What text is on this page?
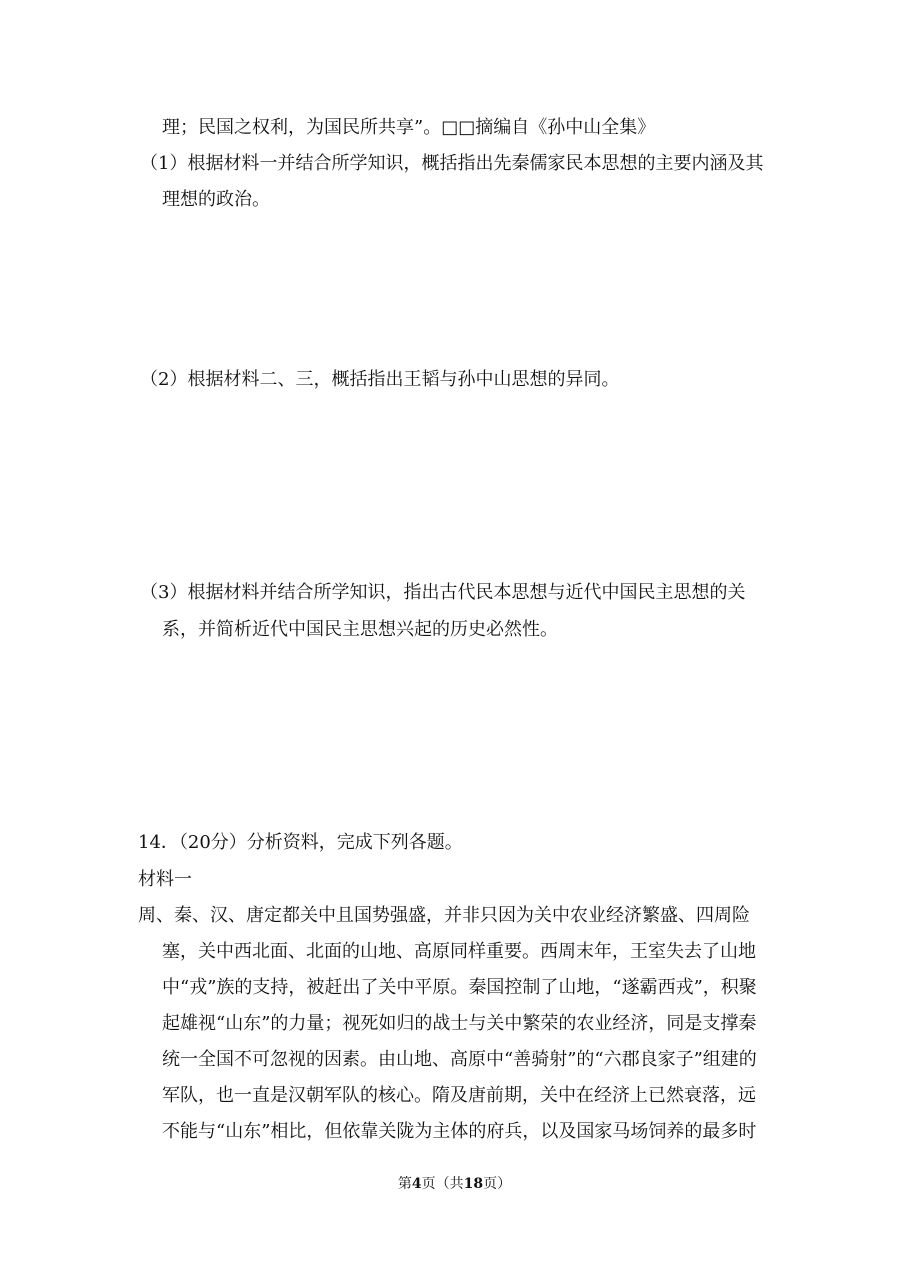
理；民国之权利，为国民所共享”。□□摘编自《孙中山全集》
（1）根据材料一并结合所学知识，概括指出先秦儒家民本思想的主要内涵及其
理想的政治。
（2）根据材料二、三，概括指出王韬与孙中山思想的异同。
（3）根据材料并结合所学知识，指出古代民本思想与近代中国民主思想的关
系，并简析近代中国民主思想兴起的历史必然性。
14．（20分）分析资料，完成下列各题。
材料一
周、秦、汉、唐定都关中且国势强盛，并非只因为关中农业经济繁盛、四周险
塞，关中西北面、北面的山地、高原同样重要。西周末年，王室失去了山地
中“戎”族的支持，被赶出了关中平原。秦国控制了山地，“遂霸西戎”，积聚
起雄视“山东”的力量；视死如归的战士与关中繁荣的农业经济，同是支撑秦
统一全国不可忽视的因素。由山地、高原中“善骑射”的“六郡良家子”组建的
军队，也一直是汉朝军队的核心。隋及唐前期，关中在经济上已然衰落，远
不能与“山东”相比，但依靠关陇为主体的府兵，以及国家马场饲养的最多时
第4页（共18页）
